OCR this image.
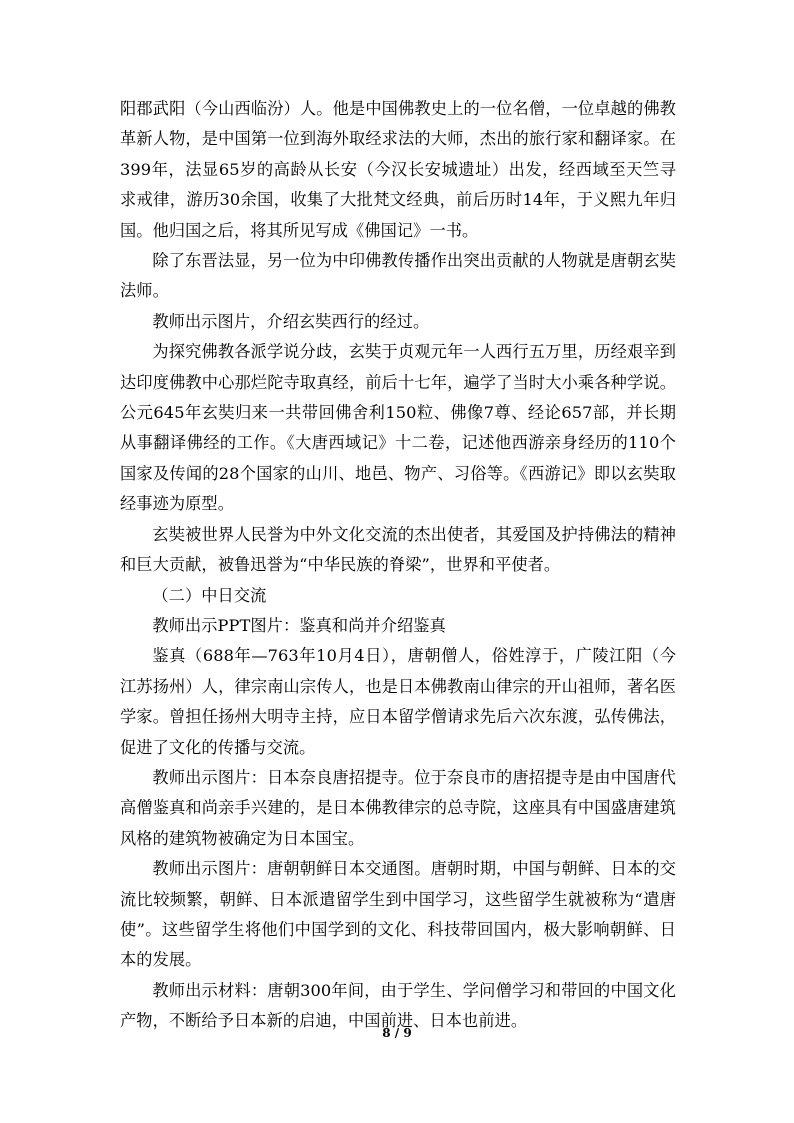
阳郡武阳（今山西临汾）人。他是中国佛教史上的一位名僧，一位卓越的佛教革新人物，是中国第一位到海外取经求法的大师，杰出的旅行家和翻译家。在399年，法显65岁的高龄从长安（今汉长安城遗址）出发，经西域至天竺寻求戒律，游历30余国，收集了大批梵文经典，前后历时14年，于义熙九年归国。他归国之后，将其所见写成《佛国记》一书。

除了东晋法显，另一位为中印佛教传播作出突出贡献的人物就是唐朝玄奘法师。

教师出示图片，介绍玄奘西行的经过。

为探究佛教各派学说分歧，玄奘于贞观元年一人西行五万里，历经艰辛到达印度佛教中心那烂陀寺取真经，前后十七年，遍学了当时大小乘各种学说。公元645年玄奘归来一共带回佛舍利150粒、佛像7尊、经论657部，并长期从事翻译佛经的工作。《大唐西域记》十二卷，记述他西游亲身经历的110个国家及传闻的28个国家的山川、地邑、物产、习俗等。《西游记》即以玄奘取经事迹为原型。

玄奘被世界人民誉为中外文化交流的杰出使者，其爱国及护持佛法的精神和巨大贡献，被鲁迅誉为“中华民族的脊梁”，世界和平使者。

（二）中日交流

教师出示PPT图片：鉴真和尚并介绍鉴真

鉴真（688年—763年10月4日），唐朝僧人，俗姓淳于，广陵江阳（今江苏扬州）人，律宗南山宗传人，也是日本佛教南山律宗的开山祖师，著名医学家。曾担任扬州大明寺主持，应日本留学僧请求先后六次东渡，弘传佛法，促进了文化的传播与交流。

教师出示图片：日本奈良唐招提寺。位于奈良市的唐招提寺是由中国唐代高僧鉴真和尚亲手兴建的，是日本佛教律宗的总寺院，这座具有中国盛唐建筑风格的建筑物被确定为日本国宝。

教师出示图片：唐朝朝鲜日本交通图。唐朝时期，中国与朝鲜、日本的交流比较频繁，朝鲜、日本派遣留学生到中国学习，这些留学生就被称为“遣唐使”。这些留学生将他们中国学到的文化、科技带回国内，极大影响朝鲜、日本的发展。

教师出示材料：唐朝300年间，由于学生、学问僧学习和带回的中国文化产物，不断给予日本新的启迪，中国前进、日本也前进。

8 / 9
